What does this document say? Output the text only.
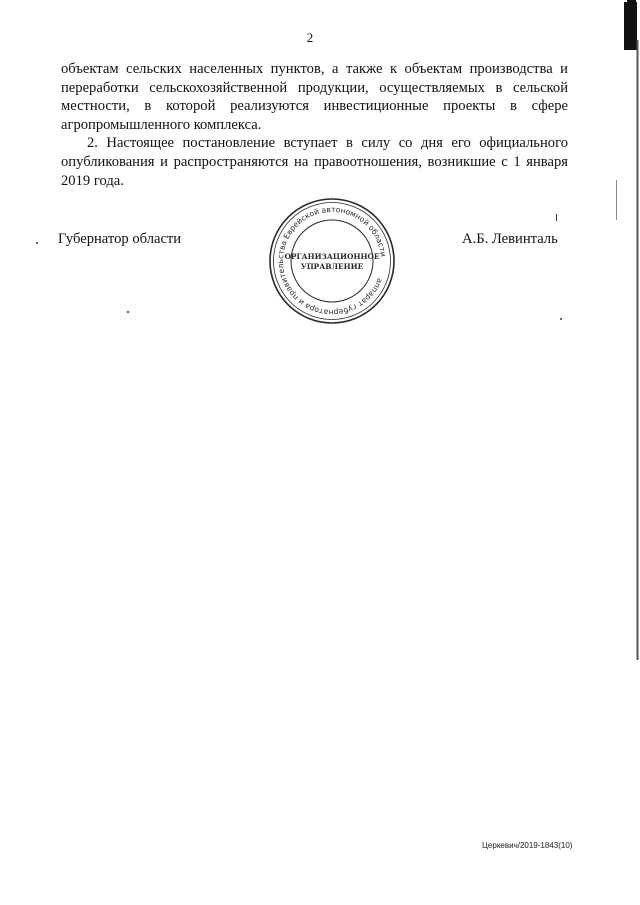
2

объектам сельских населенных пунктов, а также к объектам производства и переработки сельскохозяйственной продукции, осуществляемых в сельской местности, в которой реализуются инвестиционные проекты в сфере агропромышленного комплекса.

2. Настоящее постановление вступает в силу со дня его официального опубликования и распространяются на правоотношения, возникшие с 1 января 2019 года.

Губернатор области	А.Б. Левинталь
аппарат губернатора и правительства Еврейской автономной области
ОРГАНИЗАЦИОННОЕ
УПРАВЛЕНИЕ
Церкевич/2019-1843(10)
